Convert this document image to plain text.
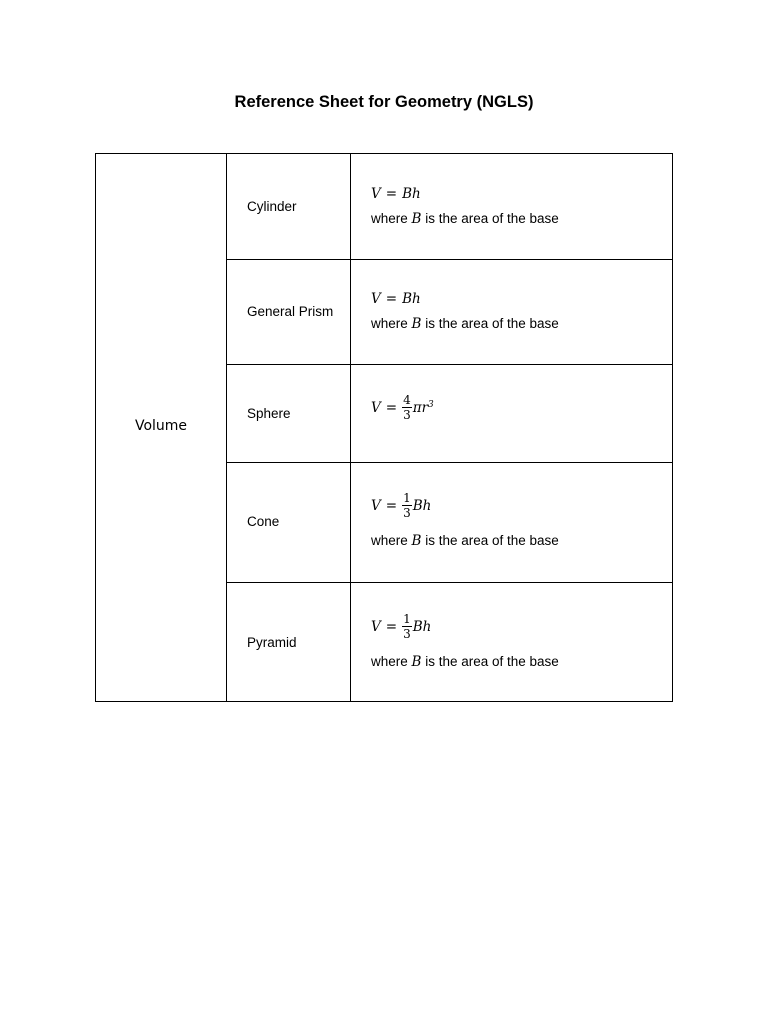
Reference Sheet for Geometry (NGLS)
Volume
Cylinder
V = Bh
where B is the area of the base
General Prism
V = Bh
where B is the area of the base
Sphere	$V = \frac{4}{3}$ πr 3
Cone
$V = \frac{1}{3}$ Bh
where B is the area of the base
Pyramid
$V = \frac{1}{3}$ Bh
where B is the area of the base
